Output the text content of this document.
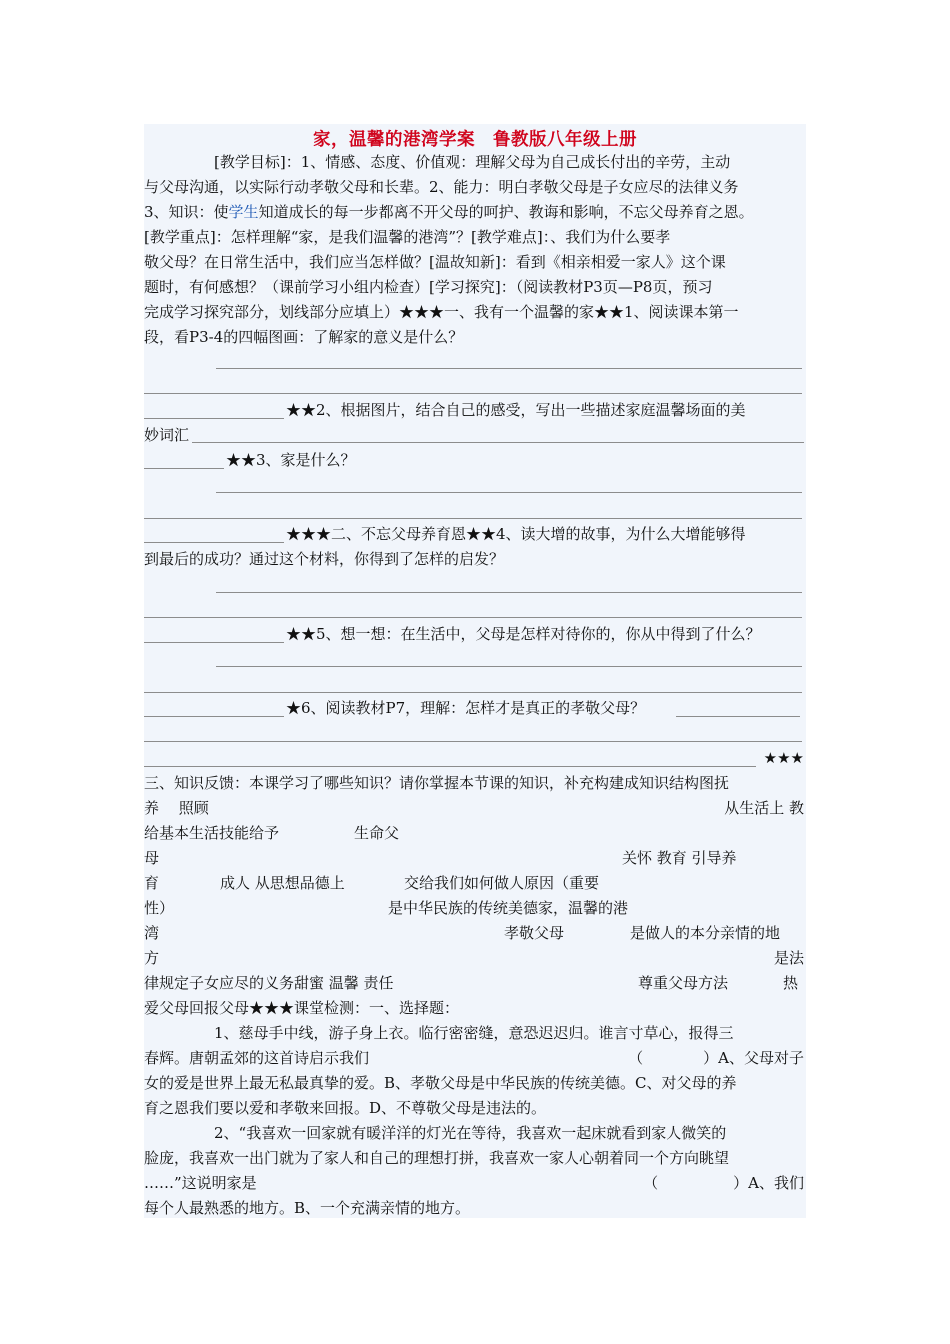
家，温馨的港湾学案　鲁教版八年级上册
[教学目标]：1、情感、态度、价值观：理解父母为自己成长付出的辛劳，主动
与父母沟通，以实际行动孝敬父母和长辈。2、能力：明白孝敬父母是子女应尽的法律义务
3、知识：使学生知道成长的每一步都离不开父母的呵护、教诲和影响，不忘父母养育之恩。
[教学重点]：怎样理解“家，是我们温馨的港湾”？[教学难点]：、我们为什么要孝
敬父母？在日常生活中，我们应当怎样做？[温故知新]：看到《相亲相爱一家人》这个课
题时，有何感想？（课前学习小组内检查）[学习探究]：（阅读教材P3页—P8页，预习
完成学习探究部分，划线部分应填上）★★★一、我有一个温馨的家★★1、阅读课本第一
段，看P3-4的四幅图画：了解家的意义是什么？
★★2、根据图片，结合自己的感受，写出一些描述家庭温馨场面的美
妙词汇
★★3、家是什么？
★★★二、不忘父母养育恩★★4、读大增的故事，为什么大增能够得
到最后的成功？通过这个材料，你得到了怎样的启发？
★★5、想一想：在生活中，父母是怎样对待你的，你从中得到了什么？
★6、阅读教材P7，理解：怎样才是真正的孝敬父母？
★★★
三、知识反馈：本课学习了哪些知识？请你掌握本节课的知识，补充构建成知识结构图抚
养　 照顾	从生活上 教
给基本生活技能给予	生命父
母	关怀 教育 引导养
育	成人 从思想品德上	交给我们如何做人原因（重要
性）	是中华民族的传统美德家，温馨的港
湾	孝敬父母	是做人的本分亲情的地
方	是法
律规定子女应尽的义务甜蜜 温馨 责任	尊重父母方法	热
爱父母回报父母★★★课堂检测：一、选择题：
1、慈母手中线，游子身上衣。临行密密缝，意恐迟迟归。谁言寸草心，报得三
春辉。唐朝孟郊的这首诗启示我们	（　　　　）A、父母对子
女的爱是世界上最无私最真挚的爱。B、孝敬父母是中华民族的传统美德。C、对父母的养
育之恩我们要以爱和孝敬来回报。D、不尊敬父母是违法的。
2、“我喜欢一回家就有暖洋洋的灯光在等待，我喜欢一起床就看到家人微笑的
脸庞，我喜欢一出门就为了家人和自己的理想打拼，我喜欢一家人心朝着同一个方向眺望
……”这说明家是	（　　　　　）A、我们
每个人最熟悉的地方。B、一个充满亲情的地方。
